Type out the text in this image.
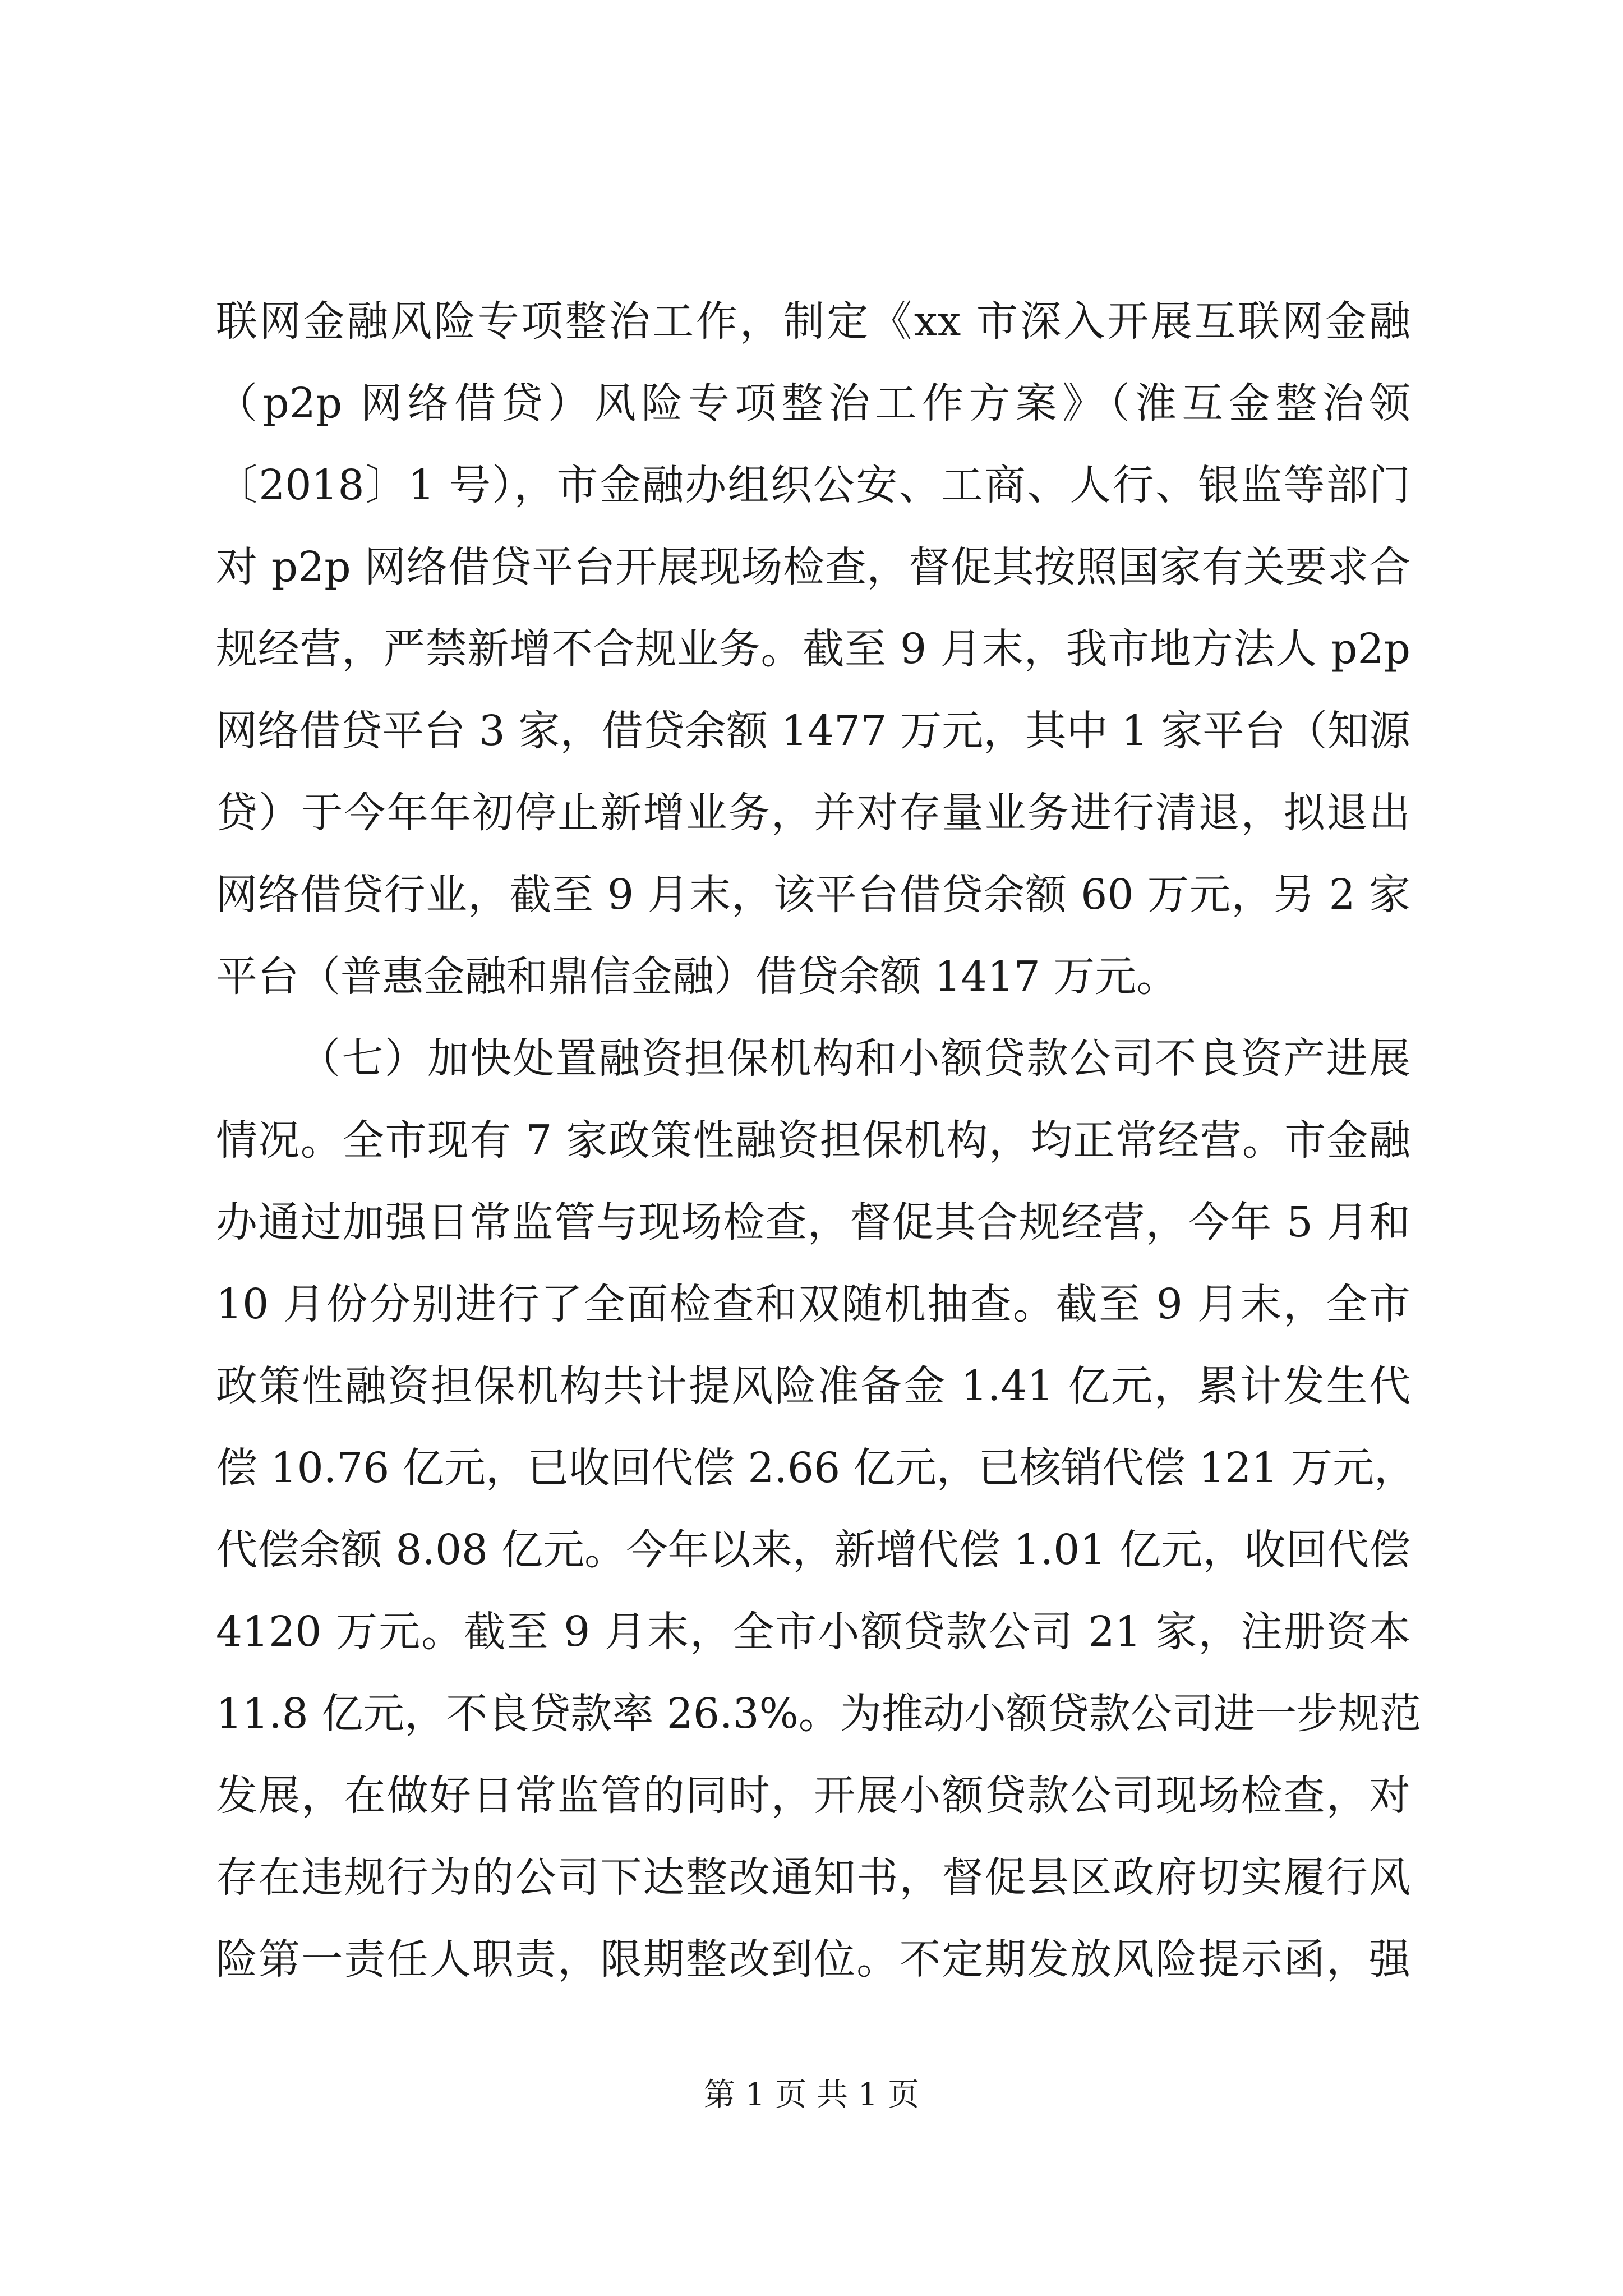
联网金融风险专项整治工作，制定《xx 市深入开展互联网金融
（p2p 网络借贷）风险专项整治工作方案》（淮互金整治领
〔2018〕1 号），市金融办组织公安、工商、人行、银监等部门
对 p2p 网络借贷平台开展现场检查，督促其按照国家有关要求合
规经营，严禁新增不合规业务。截至 9 月末，我市地方法人 p2p
网络借贷平台 3 家，借贷余额 1477 万元，其中 1 家平台（知源
贷）于今年年初停止新增业务，并对存量业务进行清退，拟退出
网络借贷行业，截至 9 月末，该平台借贷余额 60 万元，另 2 家
平台（普惠金融和鼎信金融）借贷余额 1417 万元。
（七）加快处置融资担保机构和小额贷款公司不良资产进展
情况。全市现有 7 家政策性融资担保机构，均正常经营。市金融
办通过加强日常监管与现场检查，督促其合规经营，今年 5 月和
10 月份分别进行了全面检查和双随机抽查。截至 9 月末，全市
政策性融资担保机构共计提风险准备金 1.41 亿元，累计发生代
偿 10.76 亿元，已收回代偿 2.66 亿元，已核销代偿 121 万元，
代偿余额 8.08 亿元。今年以来，新增代偿 1.01 亿元，收回代偿
4120 万元。截至 9 月末，全市小额贷款公司 21 家，注册资本
11.8 亿元，不良贷款率 26.3%。为推动小额贷款公司进一步规范
发展，在做好日常监管的同时，开展小额贷款公司现场检查，对
存在违规行为的公司下达整改通知书，督促县区政府切实履行风
险第一责任人职责，限期整改到位。不定期发放风险提示函，强
第 1 页 共 1 页
